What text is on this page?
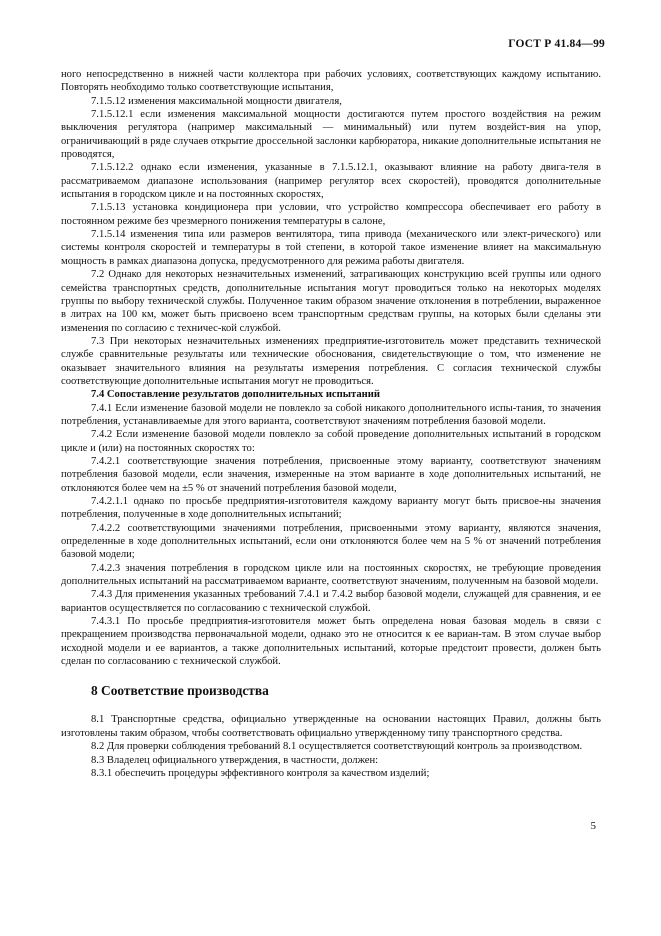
ГОСТ Р 41.84—99

ного непосредственно в нижней части коллектора при рабочих условиях, соответствующих каждому испытанию. Повторять необходимо только соответствующие испытания,

7.1.5.12 изменения максимальной мощности двигателя,

7.1.5.12.1 если изменения максимальной мощности достигаются путем простого воздействия на режим выключения регулятора (например максимальный — минимальный) или путем воздейст-вия на упор, ограничивающий в ряде случаев открытие дроссельной заслонки карбюратора, никакие дополнительные испытания не проводятся,

7.1.5.12.2 однако если изменения, указанные в 7.1.5.12.1, оказывают влияние на работу двига-теля в рассматриваемом диапазоне использования (например регулятор всех скоростей), проводятся дополнительные испытания в городском цикле и на постоянных скоростях,

7.1.5.13 установка кондиционера при условии, что устройство компрессора обеспечивает его работу в постоянном режиме без чрезмерного понижения температуры в салоне,

7.1.5.14 изменения типа или размеров вентилятора, типа привода (механического или элект-рического) или системы контроля скоростей и температуры в той степени, в которой такое изменение влияет на максимальную мощность в рамках диапазона допуска, предусмотренного для режима работы двигателя.

7.2 Однако для некоторых незначительных изменений, затрагивающих конструкцию всей группы или одного семейства транспортных средств, дополнительные испытания могут проводиться только на некоторых моделях группы по выбору технической службы. Полученное таким образом значение отклонения в потреблении, выраженное в литрах на 100 км, может быть присвоено всем транспортным средствам группы, на которых были сделаны эти изменения по согласию с техничес-кой службой.

7.3 При некоторых незначительных изменениях предприятие-изготовитель может представить технической службе сравнительные результаты или технические обоснования, свидетельствующие о том, что изменение не оказывает значительного влияния на результаты измерения потребления. С согласия технической службы соответствующие дополнительные испытания могут не проводиться.

7.4 Сопоставление результатов дополнительных испытаний

7.4.1 Если изменение базовой модели не повлекло за собой никакого дополнительного испы-тания, то значения потребления, устанавливаемые для этого варианта, соответствуют значениям потребления базовой модели.

7.4.2 Если изменение базовой модели повлекло за собой проведение дополнительных испытаний в городском цикле и (или) на постоянных скоростях то:

7.4.2.1 соответствующие значения потребления, присвоенные этому варианту, соответствуют значениям потребления базовой модели, если значения, измеренные на этом варианте в ходе дополнительных испытаний, не отклоняются более чем на ±5 % от значений потребления базовой модели,

7.4.2.1.1 однако по просьбе предприятия-изготовителя каждому варианту могут быть присвое-ны значения потребления, полученные в ходе дополнительных испытаний;

7.4.2.2 соответствующими значениями потребления, присвоенными этому варианту, являются значения, определенные в ходе дополнительных испытаний, если они отклоняются более чем на 5 % от значений потребления базовой модели;

7.4.2.3 значения потребления в городском цикле или на постоянных скоростях, не требующие проведения дополнительных испытаний на рассматриваемом варианте, соответствуют значениям, полученным на базовой модели.

7.4.3 Для применения указанных требований 7.4.1 и 7.4.2 выбор базовой модели, служащей для сравнения, и ее вариантов осуществляется по согласованию с технической службой.

7.4.3.1 По просьбе предприятия-изготовителя может быть определена новая базовая модель в связи с прекращением производства первоначальной модели, однако это не относится к ее вариан-там. В этом случае выбор исходной модели и ее вариантов, а также дополнительных испытаний, которые предстоит провести, должен быть сделан по согласованию с технической службой.

8 Соответствие производства

8.1 Транспортные средства, официально утвержденные на основании настоящих Правил, должны быть изготовлены таким образом, чтобы соответствовать официально утвержденному типу транспортного средства.

8.2 Для проверки соблюдения требований 8.1 осуществляется соответствующий контроль за производством.

8.3 Владелец официального утверждения, в частности, должен:

8.3.1 обеспечить процедуры эффективного контроля за качеством изделий;

5
